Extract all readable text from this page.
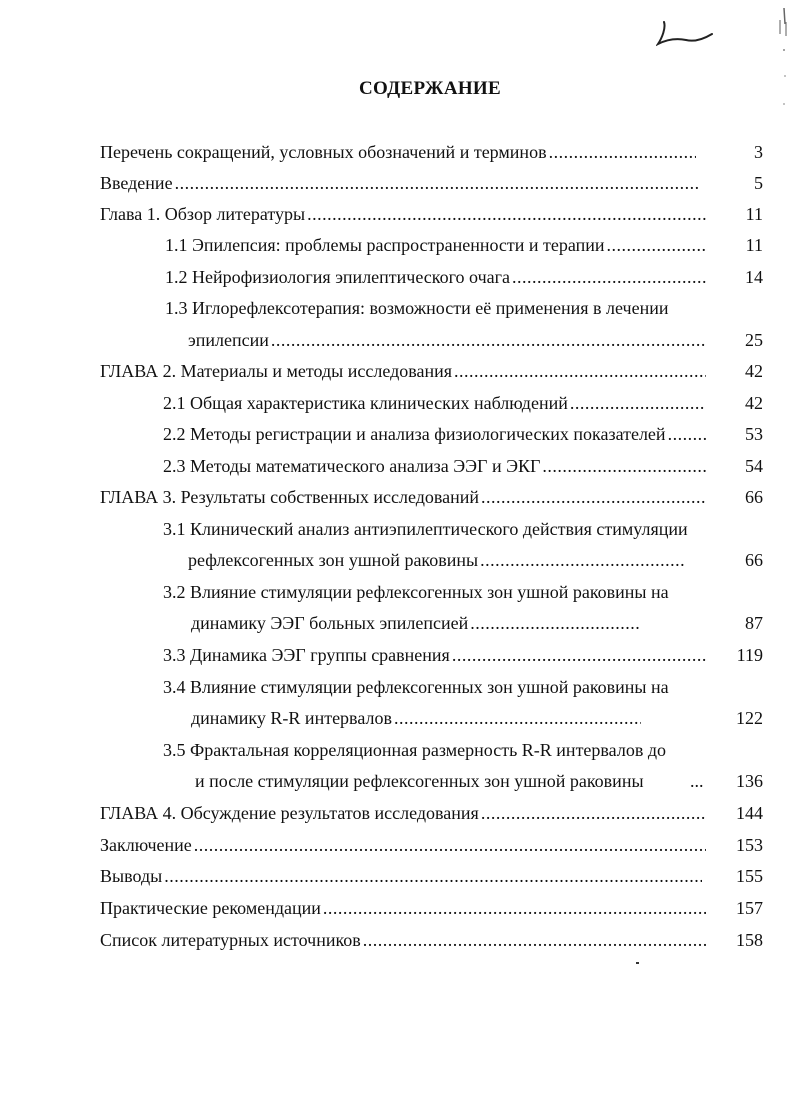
СОДЕРЖАНИЕ
Перечень сокращений, условных обозначений и терминов .....	3
Введение .....	5
Глава 1. Обзор литературы .....	11
1.1 Эпилепсия: проблемы распространенности и терапии .....	11
1.2 Нейрофизиология эпилептического очага .....	14
1.3 Иглорефлексотерапия: возможности её применения в лечении
эпилепсии .....	25
ГЛАВА 2. Материалы и методы исследования .....	42
2.1 Общая характеристика клинических наблюдений .....	42
2.2 Методы регистрации и анализа физиологических показателей .....	53
2.3 Методы математического анализа ЭЭГ и ЭКГ .....	54
ГЛАВА 3. Результаты собственных исследований .....	66
3.1 Клинический анализ антиэпилептического действия стимуляции
рефлексогенных зон ушной раковины .....	66
3.2 Влияние стимуляции рефлексогенных зон ушной раковины на
динамику ЭЭГ больных эпилепсией .....	87
3.3 Динамика ЭЭГ группы сравнения .....	119
3.4 Влияние стимуляции рефлексогенных зон ушной раковины на
динамику R-R интервалов .....	122
3.5 Фрактальная корреляционная размерность R-R интервалов до
и после стимуляции рефлексогенных зон ушной раковины	...	136
ГЛАВА 4. Обсуждение результатов исследования .....	144
Заключение .....	153
Выводы .....	155
Практические рекомендации .....	157
Список литературных источников .....	158
